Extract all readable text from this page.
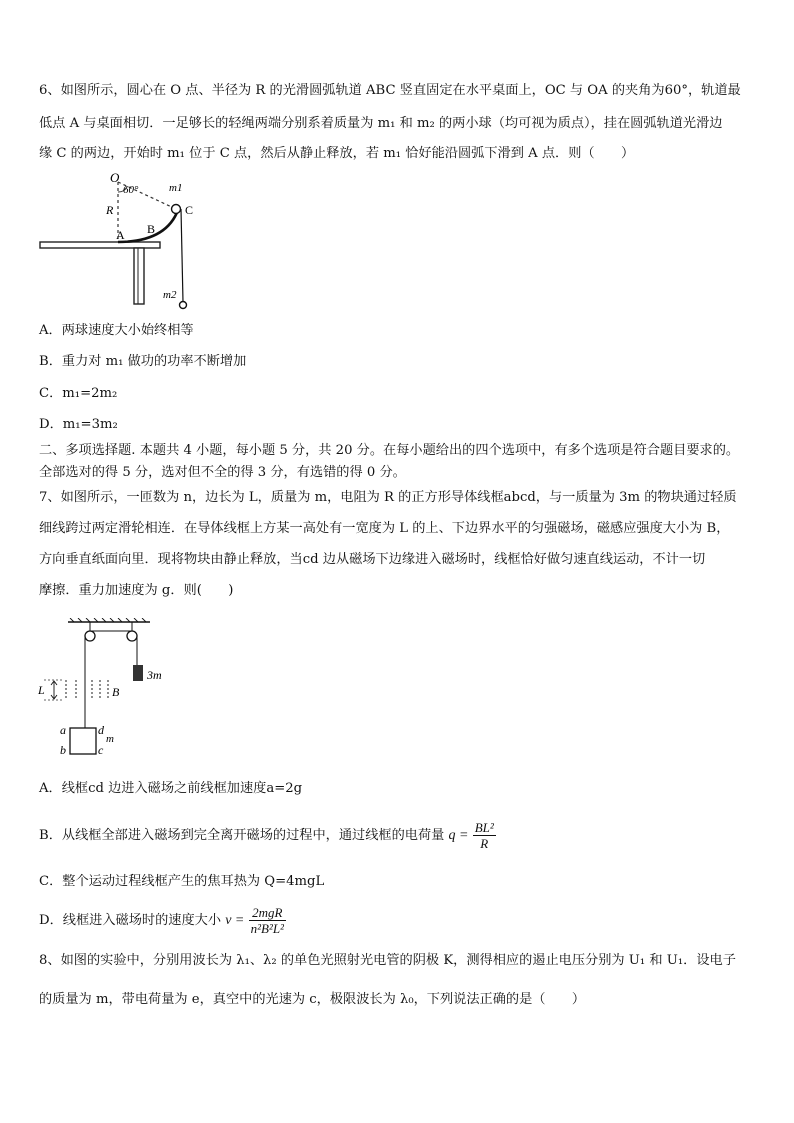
6、如图所示，圆心在 O 点、半径为 R 的光滑圆弧轨道 ABC 竖直固定在水平桌面上，OC 与 OA 的夹角为60°，轨道最
低点 A 与桌面相切．一足够长的轻绳两端分别系着质量为 m₁ 和 m₂ 的两小球（均可视为质点），挂在圆弧轨道光滑边
缘 C 的两边，开始时 m₁ 位于 C 点，然后从静止释放，若 m₁ 恰好能沿圆弧下滑到 A 点．则（　　）
O
60°	m1
C
R
B
A
m2
A．两球速度大小始终相等
B．重力对 m₁ 做功的功率不断增加
C．m₁=2m₂
D．m₁=3m₂
二、多项选择题. 本题共 4 小题，每小题 5 分，共 20 分。在每小题给出的四个选项中，有多个选项是符合题目要求的。
全部选对的得 5 分，选对但不全的得 3 分，有选错的得 0 分。
7、如图所示，一匝数为 n，边长为 L，质量为 m，电阻为 R 的正方形导体线框abcd，与一质量为 3m 的物块通过轻质
细线跨过两定滑轮相连．在导体线框上方某一高处有一宽度为 L 的上、下边界水平的匀强磁场，磁感应强度大小为 B，
方向垂直纸面向里．现将物块由静止释放，当cd 边从磁场下边缘进入磁场时，线框恰好做匀速直线运动，不计一切
摩擦．重力加速度为 g．则(　　)
3m
L	B
a	d
m
b	c
A．线框cd 边进入磁场之前线框加速度a=2g
B．从线框全部进入磁场到完全离开磁场的过程中，通过线框的电荷量 $q = \frac{\text{BL²}}{R}$
C．整个运动过程线框产生的焦耳热为 Q=4mgL
D．线框进入磁场时的速度大小 $v = \frac{\text{2mgR}}{\text{n²B²L²}}$
8、如图的实验中，分别用波长为 λ₁、λ₂ 的单色光照射光电管的阴极 K，测得相应的遏止电压分别为 U₁ 和 U₁．设电子
的质量为 m，带电荷量为 e，真空中的光速为 c，极限波长为 λ₀，下列说法正确的是（　　）
